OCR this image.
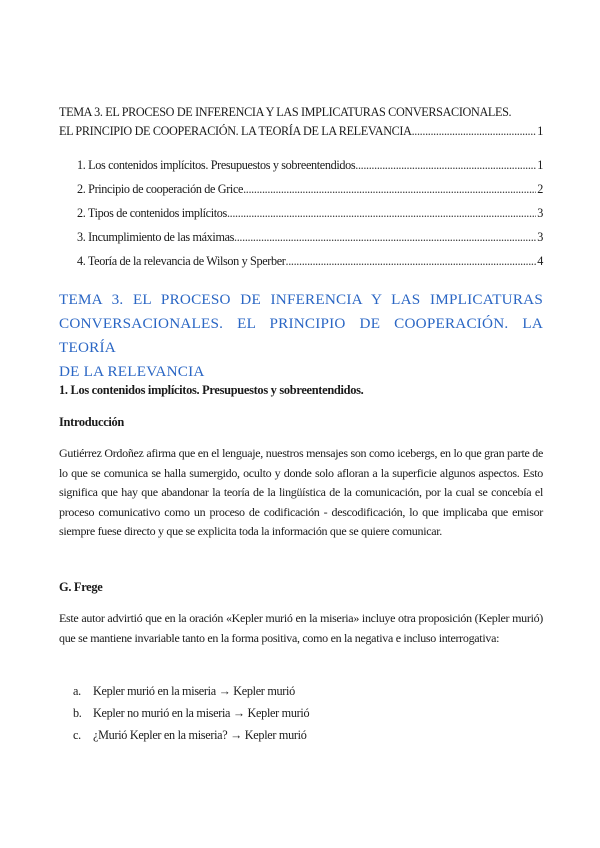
TEMA 3. EL PROCESO DE INFERENCIA Y LAS IMPLICATURAS CONVERSACIONALES.
EL PRINCIPIO DE COOPERACIÓN. LA TEORÍA DE LA RELEVANCIA .....	1
1. Los contenidos implícitos. Presupuestos y sobreentendidos .....	1
2. Principio de cooperación de Grice .....	2
2. Tipos de contenidos implícitos .....	3
3. Incumplimiento de las máximas .....	3
4. Teoría de la relevancia de Wilson y Sperber .....	4
TEMA 3. EL PROCESO DE INFERENCIA Y LAS IMPLICATURAS
CONVERSACIONALES. EL PRINCIPIO DE COOPERACIÓN. LA TEORÍA
DE LA RELEVANCIA
1. Los contenidos implícitos. Presupuestos y sobreentendidos.
Introducción
Gutiérrez Ordoñez afirma que en el lenguaje, nuestros mensajes son como icebergs, en lo que gran parte de lo que se comunica se halla sumergido, oculto y donde solo afloran a la superficie algunos aspectos. Esto significa que hay que abandonar la teoría de la lingüística de la comunicación, por la cual se concebía el proceso comunicativo como un proceso de codificación - descodificación, lo que implicaba que emisor siempre fuese directo y que se explicita toda la información que se quiere comunicar.
G. Frege
Este autor advirtió que en la oración «Kepler murió en la miseria» incluye otra proposición (Kepler murió) que se mantiene invariable tanto en la forma positiva, como en la negativa e incluso interrogativa:
a. Kepler murió en la miseria → Kepler murió
b. Kepler no murió en la miseria → Kepler murió
c. ¿Murió Kepler en la miseria? → Kepler murió
